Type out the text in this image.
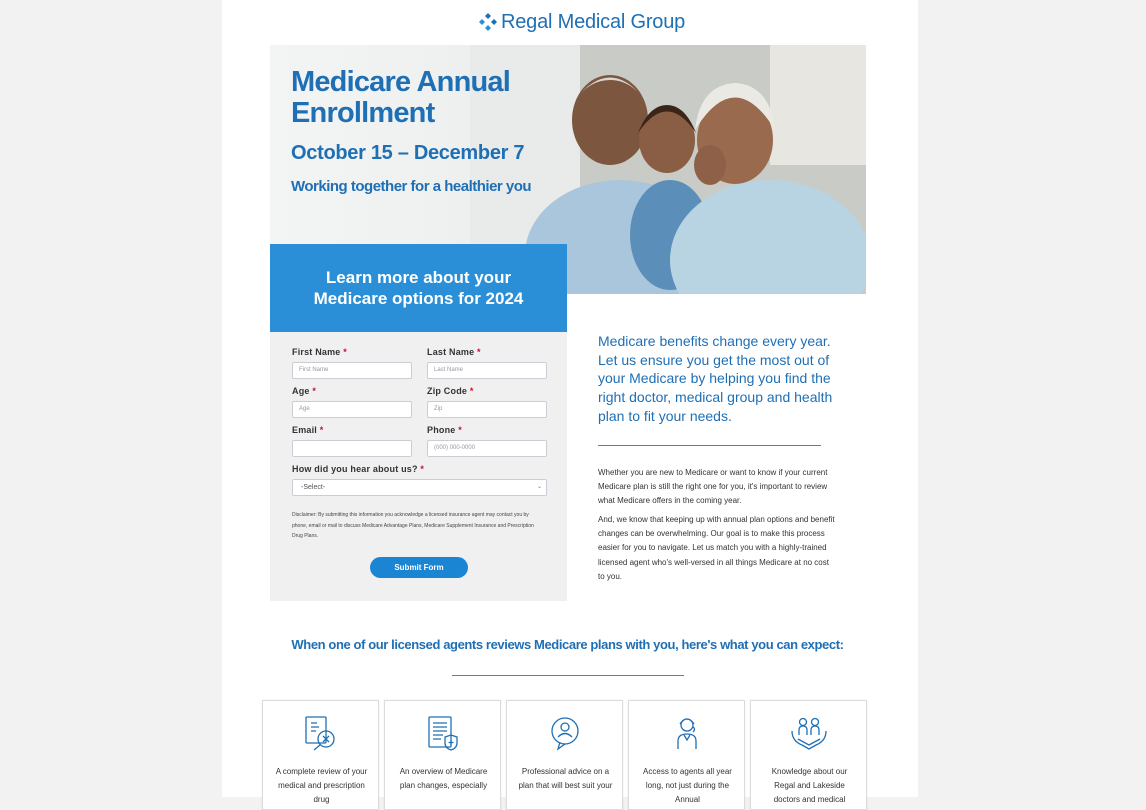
Regal Medical Group
Medicare Annual Enrollment
October 15 – December 7
Working together for a healthier you
Learn more about your Medicare options for 2024
First Name *
First Name
Last Name *
Last Name
Age *
Age
Zip Code *
Zip
Email *	Phone *
(000) 000-0000
How did you hear about us? *
-Select-	⌄
Disclaimer: By submitting this information you acknowledge a licensed insurance agent may contact you by phone, email or mail to discuss Medicare Advantage Plans, Medicare Supplement Insurance and Prescription Drug Plans.
Submit Form
Medicare benefits change every year. Let us ensure you get the most out of your Medicare by helping you find the right doctor, medical group and health plan to fit your needs.
Whether you are new to Medicare or want to know if your current Medicare plan is still the right one for you, it's important to review what Medicare offers in the coming year.
And, we know that keeping up with annual plan options and benefit changes can be overwhelming. Our goal is to make this process easier for you to navigate. Let us match you with a highly-trained licensed agent who's well-versed in all things Medicare at no cost to you.
When one of our licensed agents reviews Medicare plans with you, here's what you can expect:
A complete review of your medical and prescription drug
An overview of Medicare plan changes, especially
Professional advice on a plan that will best suit your
Access to agents all year long, not just during the Annual
Knowledge about our Regal and Lakeside doctors and medical
